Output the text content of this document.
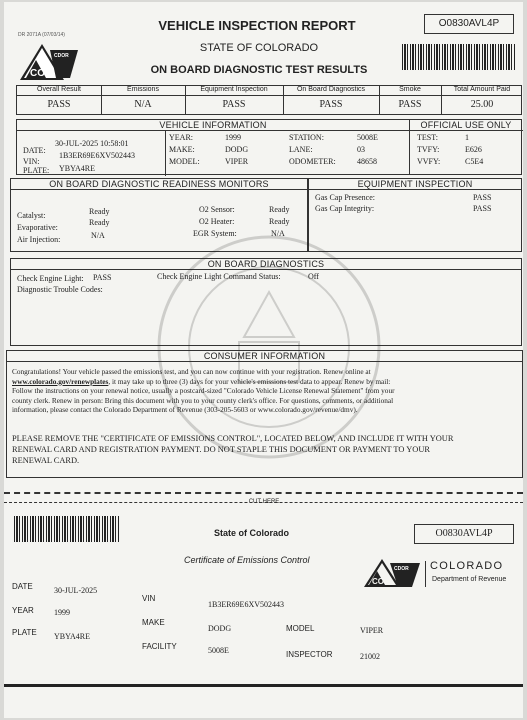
DR 2071A (07/03/14)
CO
CDOR
VEHICLE INSPECTION REPORT
STATE OF COLORADO
ON BOARD DIAGNOSTIC TEST RESULTS
O0830AVL4P
Overall Result	Emissions	Equipment Inspection	On Board Diagnostics	Smoke	Total Amount Paid
PASS	N/A	PASS	PASS	PASS	25.00
VEHICLE INFORMATION	OFFICIAL USE ONLY
DATE:
30-JUL-2025 10:58:01
VIN:
1B3ER69E6XV502443
PLATE: YBYA4RE
YEAR:	1999
MAKE:	DODG
MODEL:	VIPER
STATION:	5008E
LANE:	03
ODOMETER:	48658
TEST:	1
TVFY:	E626
VVFY:	C5E4
ON BOARD DIAGNOSTIC READINESS MONITORS
Catalyst:	Ready
Evaporative:
Ready
Air Injection:	N/A
O2 Sensor:	Ready
O2 Heater:	Ready
EGR System:	N/A
EQUIPMENT INSPECTION
Gas Cap Presence:	PASS
Gas Cap Integrity:	PASS
ON BOARD DIAGNOSTICS
Check Engine Light: PASS	Check Engine Light Command Status:	Off
Diagnostic Trouble Codes:
CONSUMER INFORMATION
Congratulations! Your vehicle passed the emissions test, and you can now continue with your registration. Renew online at
www.colorado.gov/renewplates, it may take up to three (3) days for your vehicle's emissions test data to appear. Renew by mail:
Follow the instructions on your renewal notice, usually a postcard-sized "Colorado Vehicle License Renewal Statement" from your
county clerk. Renew in person: Bring this document with you to your county clerk's office. For questions, comments, or additional
information, please contact the Colorado Department of Revenue (303-205-5603 or www.colorado.gov/revenue/dmv).
PLEASE REMOVE THE "CERTIFICATE OF EMISSIONS CONTROL", LOCATED BELOW, AND INCLUDE IT WITH YOUR
RENEWAL CARD AND REGISTRATION PAYMENT. DO NOT STAPLE THIS DOCUMENT OR PAYMENT TO YOUR
RENEWAL CARD.
CUT HERE
State of Colorado	O0830AVL4P
Certificate of Emissions Control
CO
CDOR COLORADO
Department of Revenue
DATE	30-JUL-2025
YEAR	1999
PLATE YBYA4RE
VIN
1B3ER69E6XV502443
MAKE
DODG
FACILITY	5008E
MODEL	VIPER
INSPECTOR	21002
